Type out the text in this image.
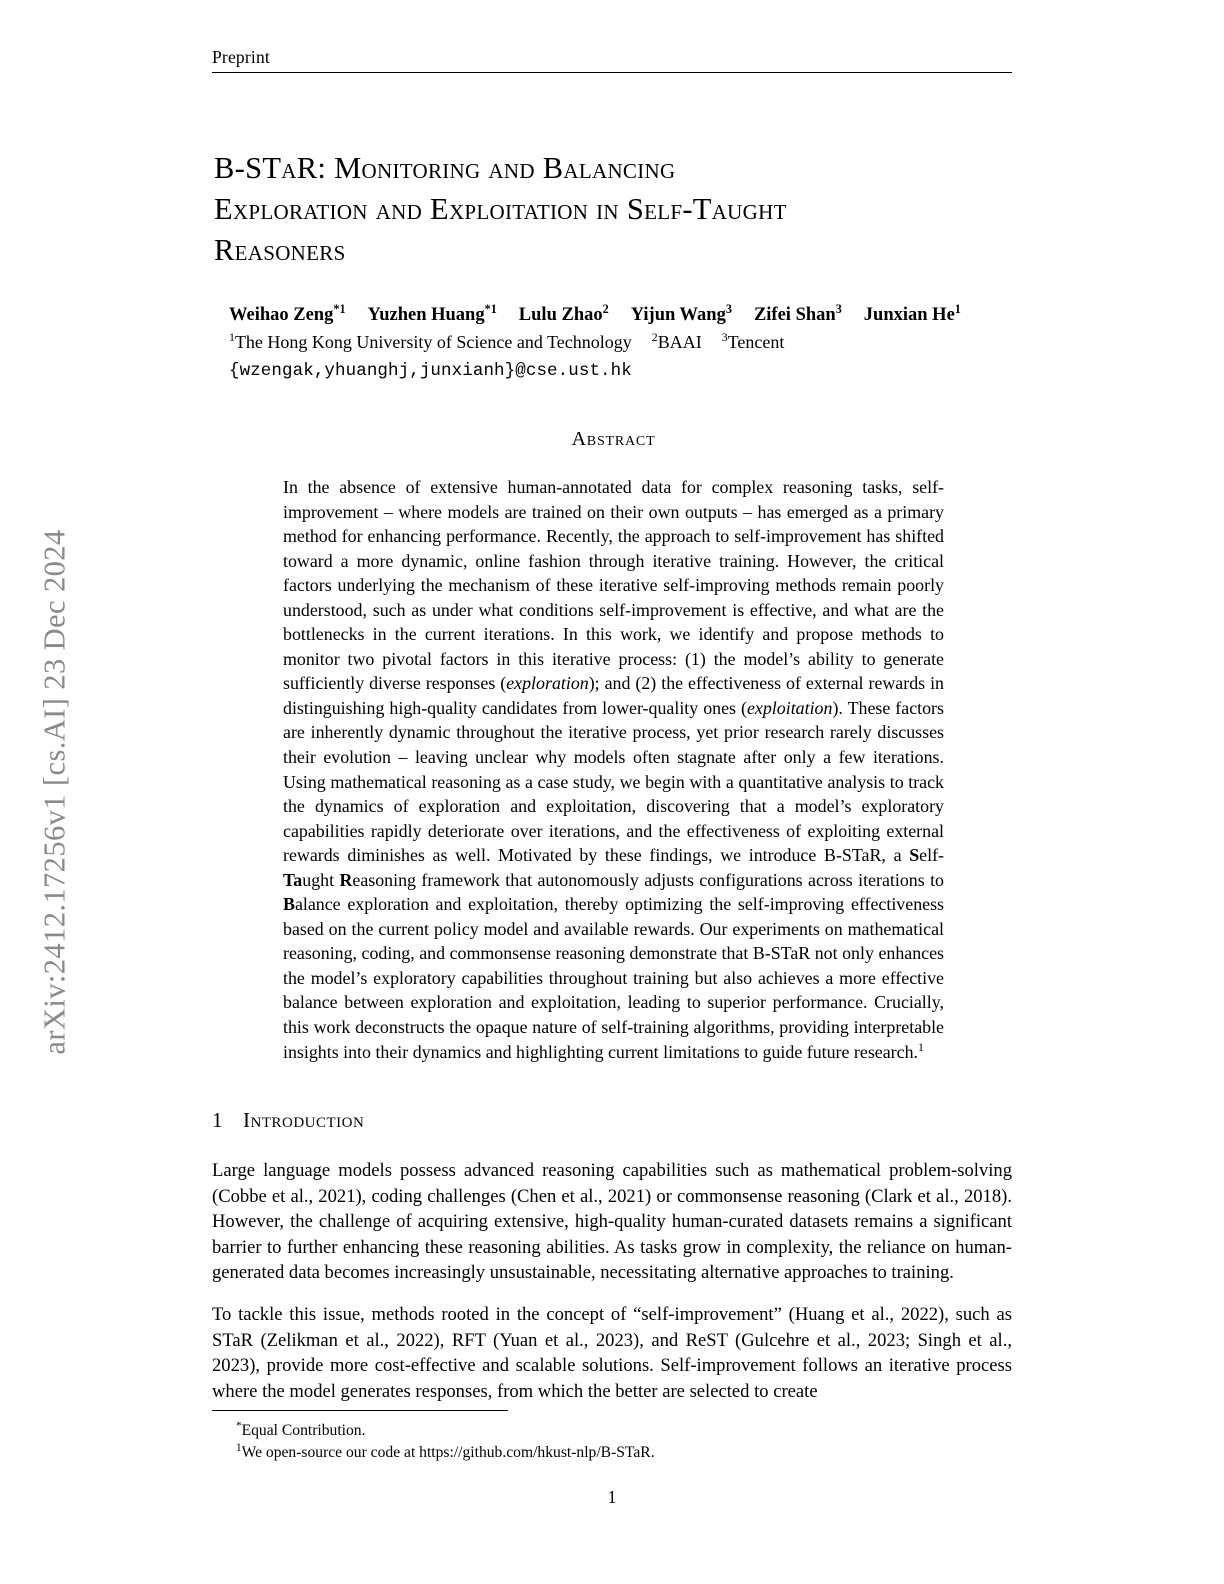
arXiv:2412.17256v1 [cs.AI] 23 Dec 2024
Preprint
B-STaR: Monitoring and Balancing
Exploration and Exploitation in Self-Taught
Reasoners
Weihao Zeng$^{*1}$ Yuzhen Huang$^{*1}$ Lulu Zhao$^2$ Yijun Wang$^3$ Zifei Shan$^3$ Junxian He$^1$
$^1$The Hong Kong University of Science and Technology $^2$BAAI $^3$Tencent
{wzengak,yhuanghj,junxianh}@cse.ust.hk
Abstract
In the absence of extensive human-annotated data for complex reasoning tasks, self-improvement – where models are trained on their own outputs – has emerged as a primary method for enhancing performance. Recently, the approach to self-improvement has shifted toward a more dynamic, online fashion through iterative training. However, the critical factors underlying the mechanism of these iterative self-improving methods remain poorly understood, such as under what conditions self-improvement is effective, and what are the bottlenecks in the current iterations. In this work, we identify and propose methods to monitor two pivotal factors in this iterative process: (1) the model’s ability to generate sufficiently diverse responses (exploration); and (2) the effectiveness of external rewards in distinguishing high-quality candidates from lower-quality ones (exploitation). These factors are inherently dynamic throughout the iterative process, yet prior research rarely discusses their evolution – leaving unclear why models often stagnate after only a few iterations. Using mathematical reasoning as a case study, we begin with a quantitative analysis to track the dynamics of exploration and exploitation, discovering that a model’s exploratory capabilities rapidly deteriorate over iterations, and the effectiveness of exploiting external rewards diminishes as well. Motivated by these findings, we introduce B-STaR, a Self-Taught Reasoning framework that autonomously adjusts configurations across iterations to Balance exploration and exploitation, thereby optimizing the self-improving effectiveness based on the current policy model and available rewards. Our experiments on mathematical reasoning, coding, and commonsense reasoning demonstrate that B-STaR not only enhances the model’s exploratory capabilities throughout training but also achieves a more effective balance between exploration and exploitation, leading to superior performance. Crucially, this work deconstructs the opaque nature of self-training algorithms, providing interpretable insights into their dynamics and highlighting current limitations to guide future research.$^1$
1 Introduction

Large language models possess advanced reasoning capabilities such as mathematical problem-solving (Cobbe et al., 2021), coding challenges (Chen et al., 2021) or commonsense reasoning (Clark et al., 2018). However, the challenge of acquiring extensive, high-quality human-curated datasets remains a significant barrier to further enhancing these reasoning abilities. As tasks grow in complexity, the reliance on human-generated data becomes increasingly unsustainable, necessitating alternative approaches to training.

To tackle this issue, methods rooted in the concept of “self-improvement” (Huang et al., 2022), such as STaR (Zelikman et al., 2022), RFT (Yuan et al., 2023), and ReST (Gulcehre et al., 2023; Singh et al., 2023), provide more cost-effective and scalable solutions. Self-improvement follows an iterative process where the model generates responses, from which the better are selected to create

*Equal Contribution.
$^1$We open-source our code at https://github.com/hkust-nlp/B-STaR.
1
